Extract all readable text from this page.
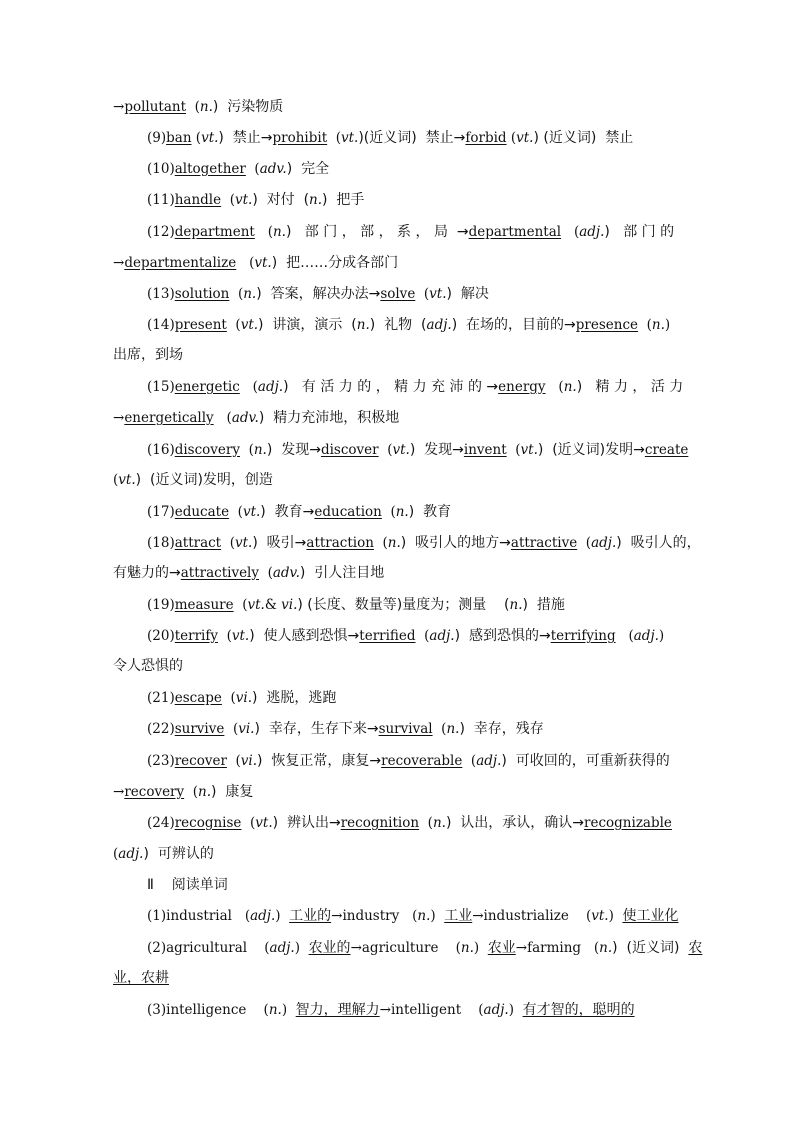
→pollutant  (n.)  污染物质
(9)ban (vt.)  禁止→prohibit  (vt.)(近义词)  禁止→forbid (vt.) (近义词)  禁止
(10)altogether  (adv.)  完全
(11)handle  (vt.)  对付  (n.)  把手
(12)department   (n.)   部 门 ， 部 ， 系 ， 局  →departmental   (adj.)   部 门 的
→departmentalize   (vt.)  把……分成各部门
(13)solution  (n.)  答案，解决办法→solve  (vt.)  解决
(14)present  (vt.)  讲演，演示  (n.)  礼物  (adj.)  在场的，目前的→presence  (n.)
出席，到场
(15)energetic   (adj.)   有 活 力 的 ， 精 力 充 沛 的 →energy   (n.)   精 力 ， 活 力
→energetically   (adv.)  精力充沛地，积极地
(16)discovery  (n.)  发现→discover  (vt.)  发现→invent  (vt.)  (近义词)发明→create
(vt.)  (近义词)发明，创造
(17)educate  (vt.)  教育→education  (n.)  教育
(18)attract  (vt.)  吸引→attraction  (n.)  吸引人的地方→attractive  (adj.)  吸引人的，
有魅力的→attractively  (adv.)  引人注目地
(19)measure  (vt.& vi.) (长度、数量等)量度为；测量    (n.)  措施
(20)terrify  (vt.)  使人感到恐惧→terrified  (adj.)  感到恐惧的→terrifying   (adj.)
令人恐惧的
(21)escape  (vi.)  逃脱，逃跑
(22)survive  (vi.)  幸存，生存下来→survival  (n.)  幸存，残存
(23)recover  (vi.)  恢复正常，康复→recoverable  (adj.)  可收回的，可重新获得的
→recovery  (n.)  康复
(24)recognise  (vt.)  辨认出→recognition  (n.)  认出，承认，确认→recognizable
(adj.)  可辨认的
Ⅱ    阅读单词
(1)industrial   (adj.)  工业的→industry   (n.)  工业→industrialize    (vt.)  使工业化
(2)agricultural    (adj.)  农业的→agriculture    (n.)  农业→farming   (n.)  (近义词)  农
业，农耕
(3)intelligence    (n.)  智力，理解力→intelligent    (adj.)  有才智的，聪明的
